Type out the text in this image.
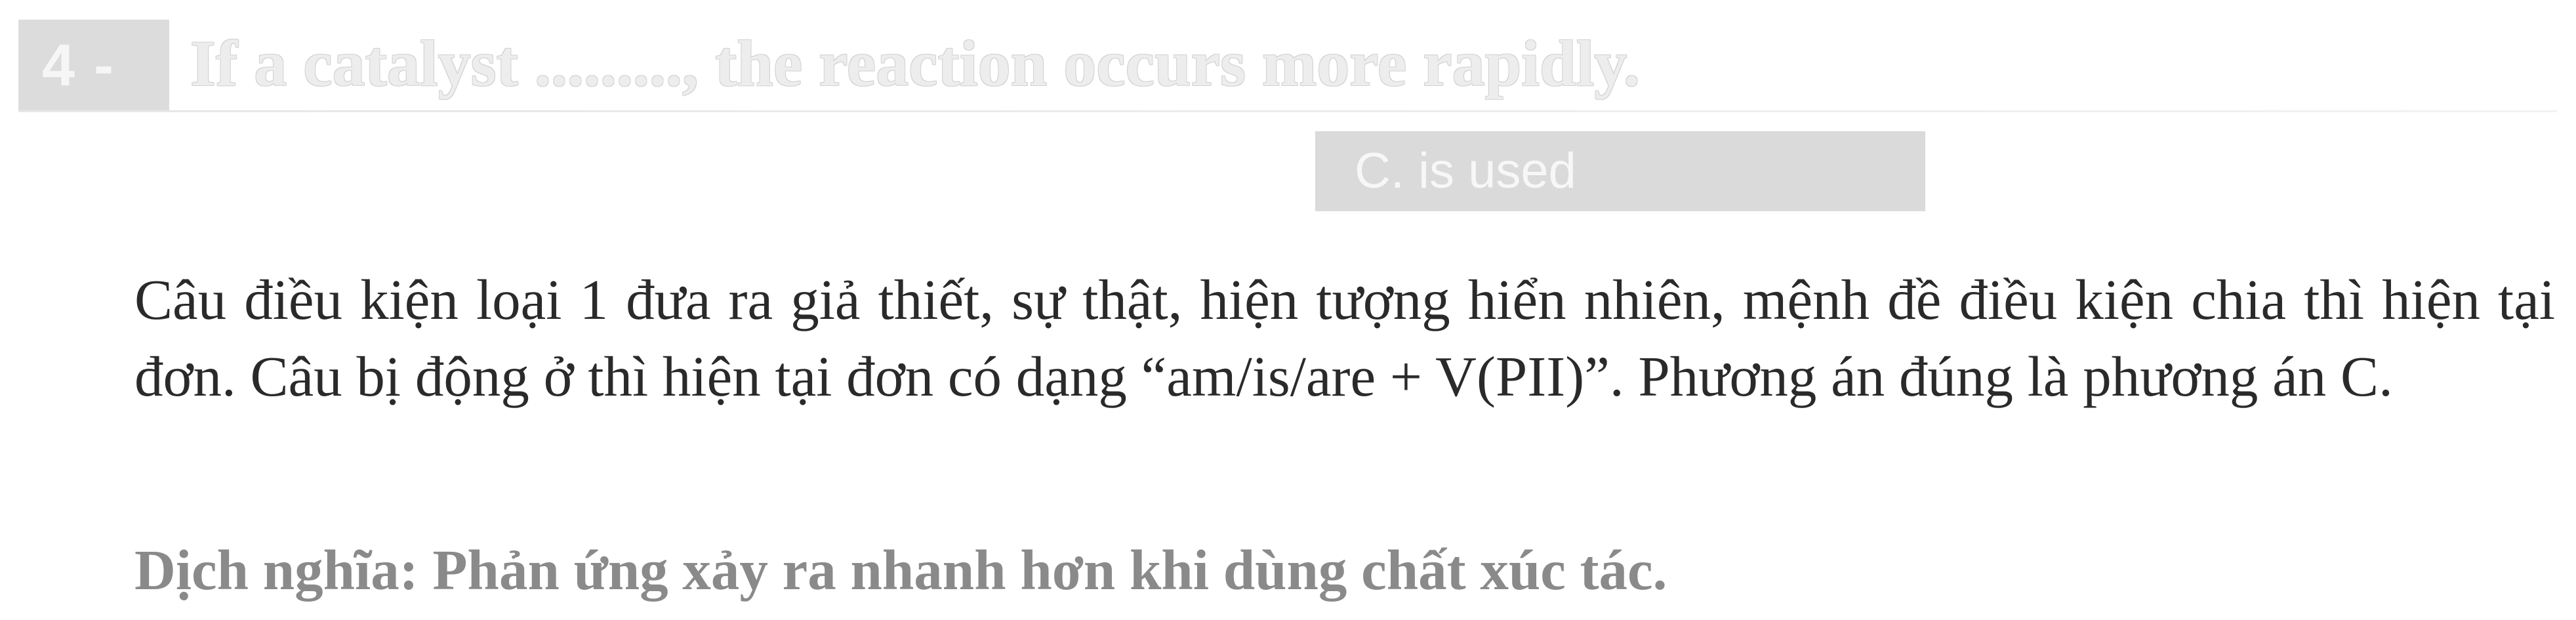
4 -	If a catalyst ........., the reaction occurs more rapidly.
C. is used
Câu điều kiện loại 1 đưa ra giả thiết, sự thật, hiện tượng hiển nhiên, mệnh đề điều kiện chia thì hiện tại đơn. Câu bị động ở thì hiện tại đơn có dạng “am/is/are + V(PII)”. Phương án đúng là phương án C.
Dịch nghĩa: Phản ứng xảy ra nhanh hơn khi dùng chất xúc tác.
